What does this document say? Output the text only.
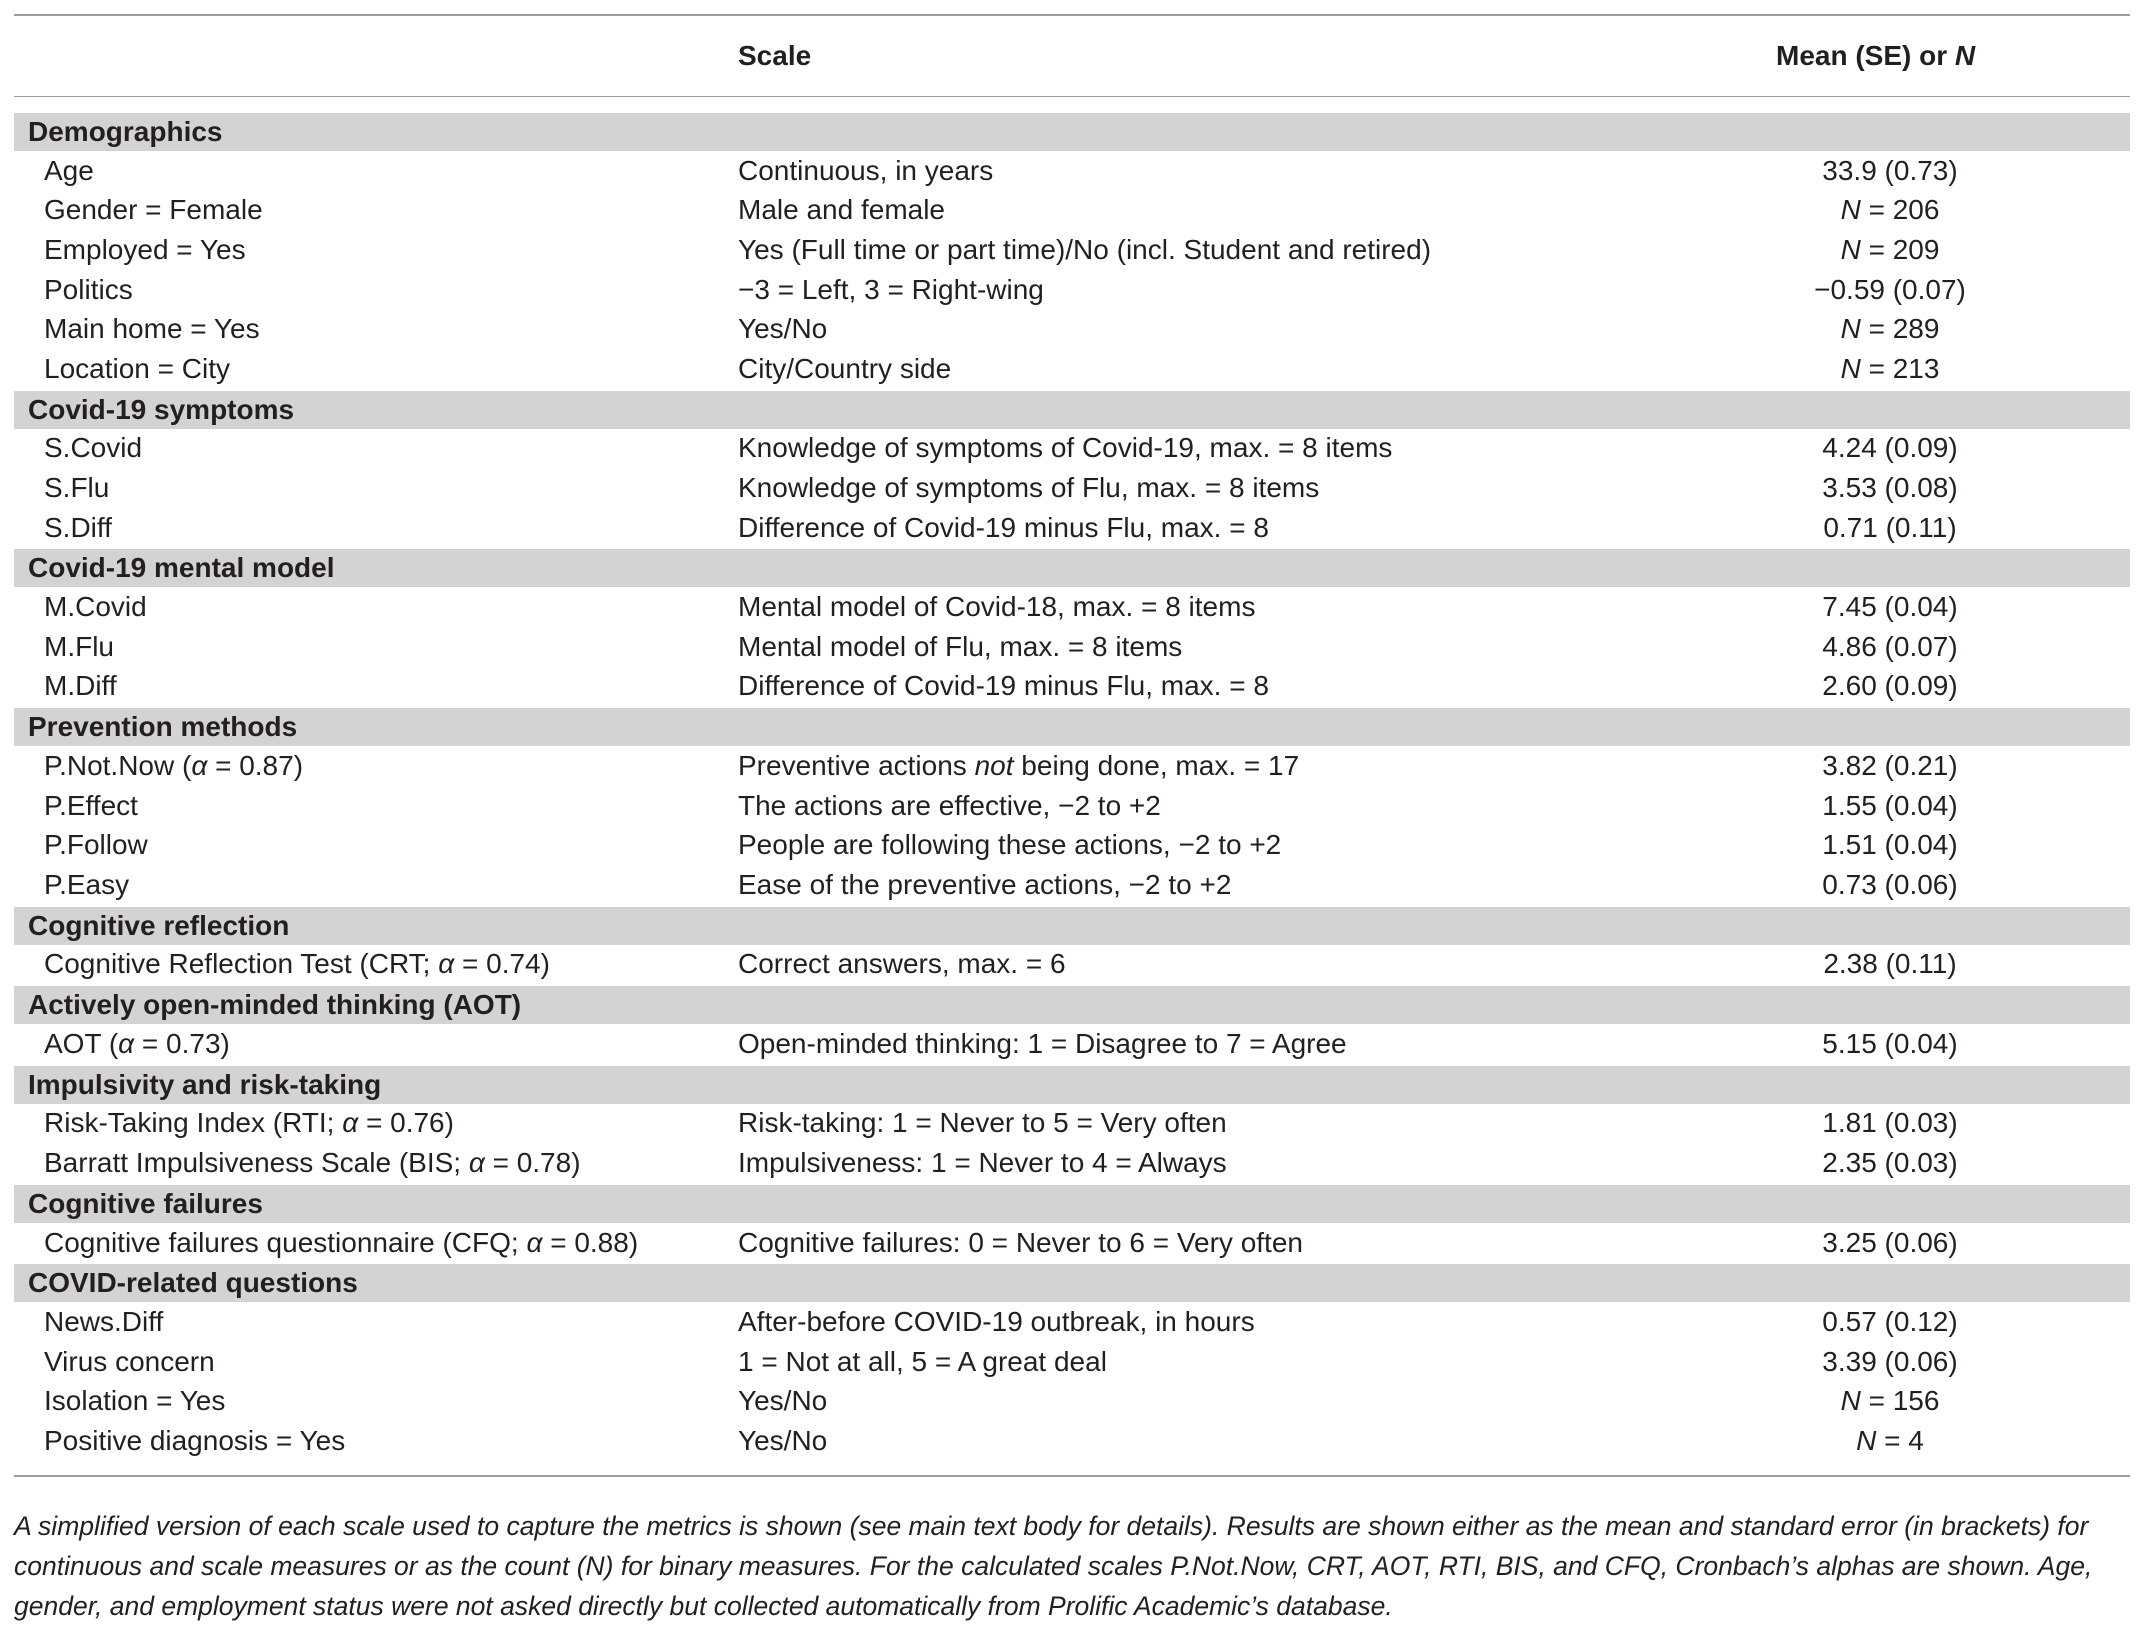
	Scale	Mean (SE) or N

Demographics		
Age	Continuous, in years	33.9 (0.73)
Gender = Female	Male and female	N = 206
Employed = Yes	Yes (Full time or part time)/No (incl. Student and retired)	N = 209
Politics	−3 = Left, 3 = Right-wing	−0.59 (0.07)
Main home = Yes	Yes/No	N = 289
Location = City	City/Country side	N = 213
Covid-19 symptoms		
S.Covid	Knowledge of symptoms of Covid-19, max. = 8 items	4.24 (0.09)
S.Flu	Knowledge of symptoms of Flu, max. = 8 items	3.53 (0.08)
S.Diff	Difference of Covid-19 minus Flu, max. = 8	0.71 (0.11)
Covid-19 mental model		
M.Covid	Mental model of Covid-18, max. = 8 items	7.45 (0.04)
M.Flu	Mental model of Flu, max. = 8 items	4.86 (0.07)
M.Diff	Difference of Covid-19 minus Flu, max. = 8	2.60 (0.09)
Prevention methods		
P.Not.Now (α = 0.87)	Preventive actions not being done, max. = 17	3.82 (0.21)
P.Effect	The actions are effective, −2 to +2	1.55 (0.04)
P.Follow	People are following these actions, −2 to +2	1.51 (0.04)
P.Easy	Ease of the preventive actions, −2 to +2	0.73 (0.06)
Cognitive reflection		
Cognitive Reflection Test (CRT; α = 0.74)	Correct answers, max. = 6	2.38 (0.11)
Actively open-minded thinking (AOT)		
AOT (α = 0.73)	Open-minded thinking: 1 = Disagree to 7 = Agree	5.15 (0.04)
Impulsivity and risk-taking		
Risk-Taking Index (RTI; α = 0.76)	Risk-taking: 1 = Never to 5 = Very often	1.81 (0.03)
Barratt Impulsiveness Scale (BIS; α = 0.78)	Impulsiveness: 1 = Never to 4 = Always	2.35 (0.03)
Cognitive failures		
Cognitive failures questionnaire (CFQ; α = 0.88)	Cognitive failures: 0 = Never to 6 = Very often	3.25 (0.06)
COVID-related questions		
News.Diff	After-before COVID-19 outbreak, in hours	0.57 (0.12)
Virus concern	1 = Not at all, 5 = A great deal	3.39 (0.06)
Isolation = Yes	Yes/No	N = 156
Positive diagnosis = Yes	Yes/No	N = 4
A simplified version of each scale used to capture the metrics is shown (see main text body for details). Results are shown either as the mean and standard error (in brackets) for continuous and scale measures or as the count (N) for binary measures. For the calculated scales P.Not.Now, CRT, AOT, RTI, BIS, and CFQ, Cronbach’s alphas are shown. Age, gender, and employment status were not asked directly but collected automatically from Prolific Academic’s database.
